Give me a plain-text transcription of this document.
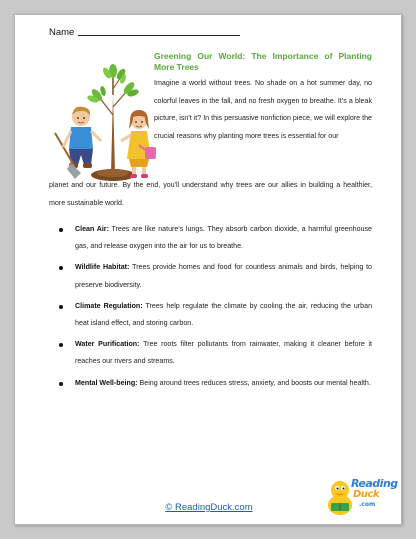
Name
Greening Our World: The Importance of Planting More Trees

Imagine a world without trees. No shade on a hot summer day, no colorful leaves in the fall, and no fresh oxygen to breathe. It's a bleak picture, isn't it? In this persuasive nonfiction piece, we will explore the crucial reasons why planting more trees is essential for our

planet and our future. By the end, you'll understand why trees are our allies in building a healthier, more sustainable world.

Clean Air: Trees are like nature's lungs. They absorb carbon dioxide, a harmful greenhouse gas, and release oxygen into the air for us to breathe.
Wildlife Habitat: Trees provide homes and food for countless animals and birds, helping to preserve biodiversity.
Climate Regulation: Trees help regulate the climate by cooling the air, reducing the urban heat island effect, and storing carbon.
Water Purification: Tree roots filter pollutants from rainwater, making it cleaner before it reaches our rivers and streams.
Mental Well-being: Being around trees reduces stress, anxiety, and boosts our mental health.
© ReadingDuck.com
Reading
Duck
.com
